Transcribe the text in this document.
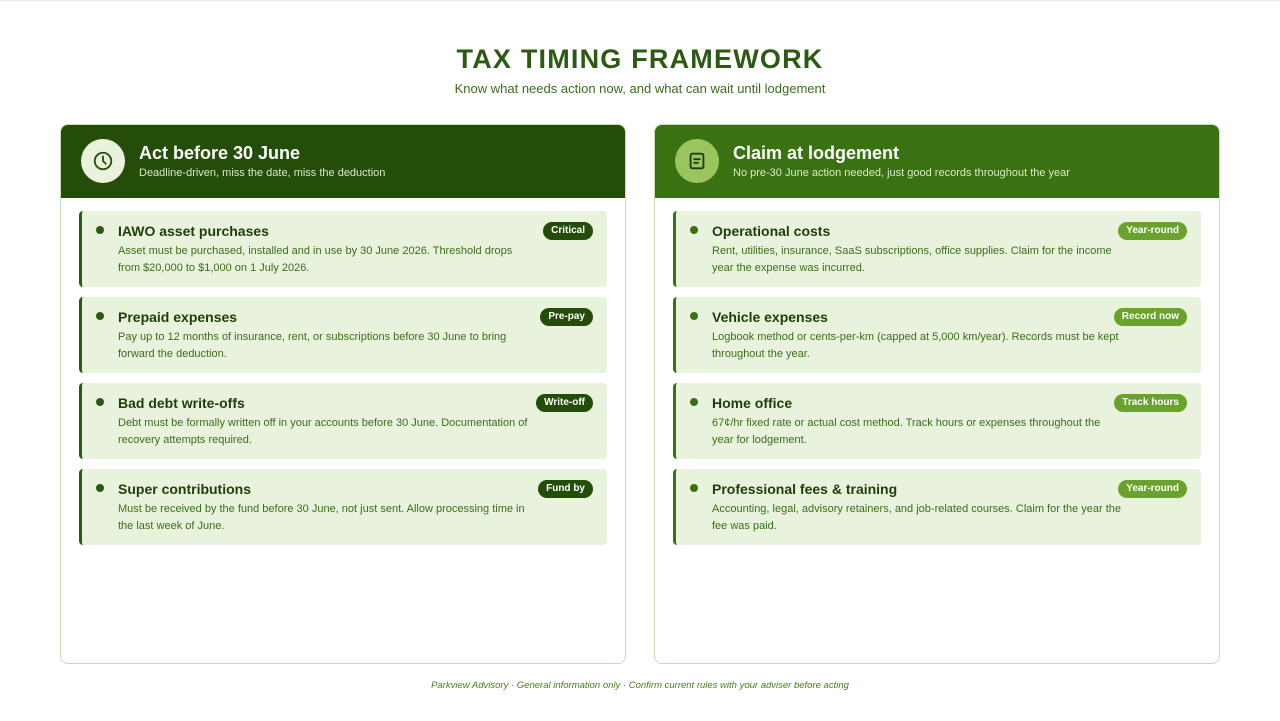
TAX TIMING FRAMEWORK
Know what needs action now, and what can wait until lodgement
Act before 30 June
Deadline-driven, miss the date, miss the deduction
IAWO asset purchases
Asset must be purchased, installed and in use by 30 June 2026. Threshold drops from $20,000 to $1,000 on 1 July 2026.
Critical
Prepaid expenses
Pay up to 12 months of insurance, rent, or subscriptions before 30 June to bring forward the deduction.
Pre-pay
Bad debt write-offs
Debt must be formally written off in your accounts before 30 June. Documentation of recovery attempts required.
Write-off
Super contributions
Must be received by the fund before 30 June, not just sent. Allow processing time in the last week of June.
Fund by
Claim at lodgement
No pre-30 June action needed, just good records throughout the year
Operational costs
Rent, utilities, insurance, SaaS subscriptions, office supplies. Claim for the income year the expense was incurred.
Year-round
Vehicle expenses
Logbook method or cents-per-km (capped at 5,000 km/year). Records must be kept throughout the year.
Record now
Home office
67¢/hr fixed rate or actual cost method. Track hours or expenses throughout the year for lodgement.
Track hours
Professional fees & training
Accounting, legal, advisory retainers, and job-related courses. Claim for the year the fee was paid.
Year-round
Parkview Advisory · General information only · Confirm current rules with your adviser before acting
